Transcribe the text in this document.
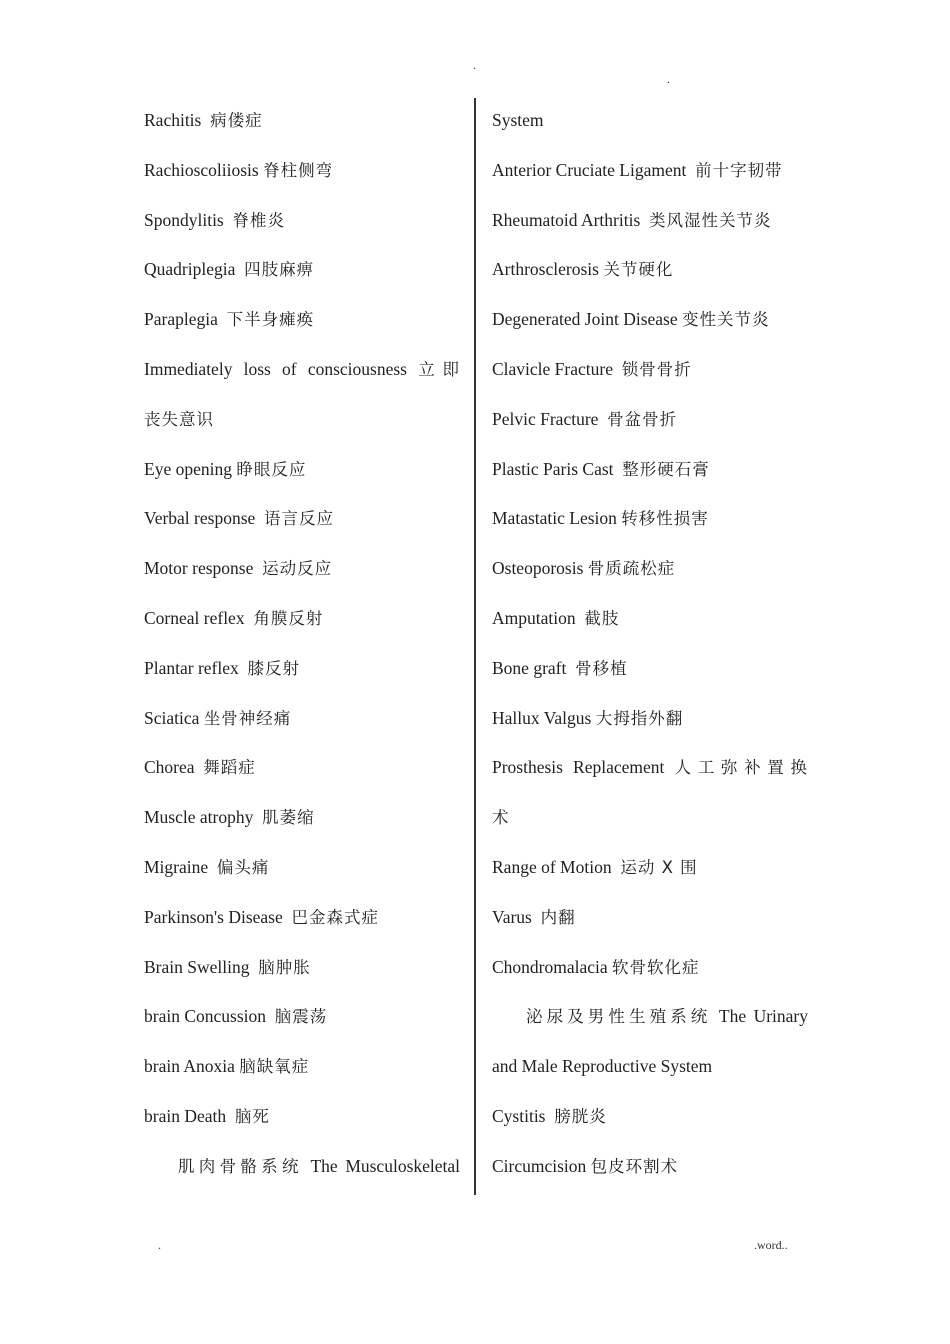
.
.
Rachitis 病偻症
Rachioscoliiosis 脊柱侧弯
Spondylitis 脊椎炎
Quadriplegia 四肢麻痹
Paraplegia 下半身瘫痪
Immediately loss of consciousness 立即
丧失意识
Eye opening 睁眼反应
Verbal response 语言反应
Motor response 运动反应
Corneal reflex 角膜反射
Plantar reflex 膝反射
Sciatica 坐骨神经痛
Chorea 舞蹈症
Muscle atrophy 肌萎缩
Migraine 偏头痛
Parkinson's Disease 巴金森式症
Brain Swelling 脑肿胀
brain Concussion 脑震荡
brain Anoxia 脑缺氧症
brain Death 脑死
肌肉骨骼系统 The Musculoskeletal
System
Anterior Cruciate Ligament 前十字韧带
Rheumatoid Arthritis 类风湿性关节炎
Arthrosclerosis 关节硬化
Degenerated Joint Disease 变性关节炎
Clavicle Fracture 锁骨骨折
Pelvic Fracture 骨盆骨折
Plastic Paris Cast 整形硬石膏
Matastatic Lesion 转移性损害
Osteoporosis 骨质疏松症
Amputation 截肢
Bone graft 骨移植
Hallux Valgus 大拇指外翻
Prosthesis Replacement 人工弥补置换
术
Range of Motion 运动 X 围
Varus 内翻
Chondromalacia 软骨软化症
泌尿及男性生殖系统 The Urinary
and Male Reproductive System
Cystitis 膀胱炎
Circumcision 包皮环割术
.	.word..
